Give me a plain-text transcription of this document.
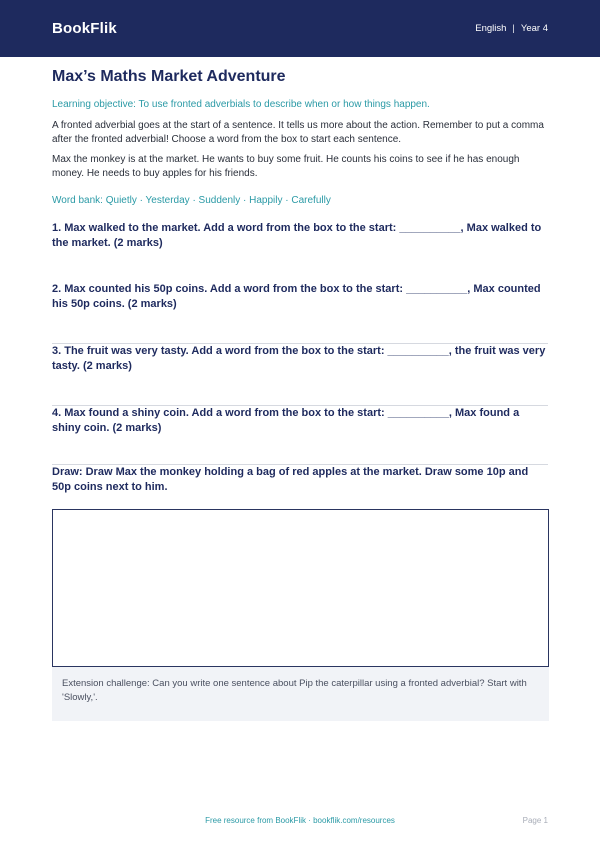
BookFlik	English | Year 4
Max’s Maths Market Adventure
Learning objective: To use fronted adverbials to describe when or how things happen.

A fronted adverbial goes at the start of a sentence. It tells us more about the action. Remember to put a comma after the fronted adverbial! Choose a word from the box to start each sentence.

Max the monkey is at the market. He wants to buy some fruit. He counts his coins to see if he has enough money. He needs to buy apples for his friends.

Word bank: Quietly · Yesterday · Suddenly · Happily · Carefully
1. Max walked to the market. Add a word from the box to the start: __________, Max walked to the market. (2 marks)
2. Max counted his 50p coins. Add a word from the box to the start: __________, Max counted his 50p coins. (2 marks)
3. The fruit was very tasty. Add a word from the box to the start: __________, the fruit was very tasty. (2 marks)
4. Max found a shiny coin. Add a word from the box to the start: __________, Max found a shiny coin. (2 marks)
Draw: Draw Max the monkey holding a bag of red apples at the market. Draw some 10p and 50p coins next to him.
Extension challenge: Can you write one sentence about Pip the caterpillar using a fronted adverbial? Start with 'Slowly,'.
Free resource from BookFlik · bookflik.com/resources	Page 1
